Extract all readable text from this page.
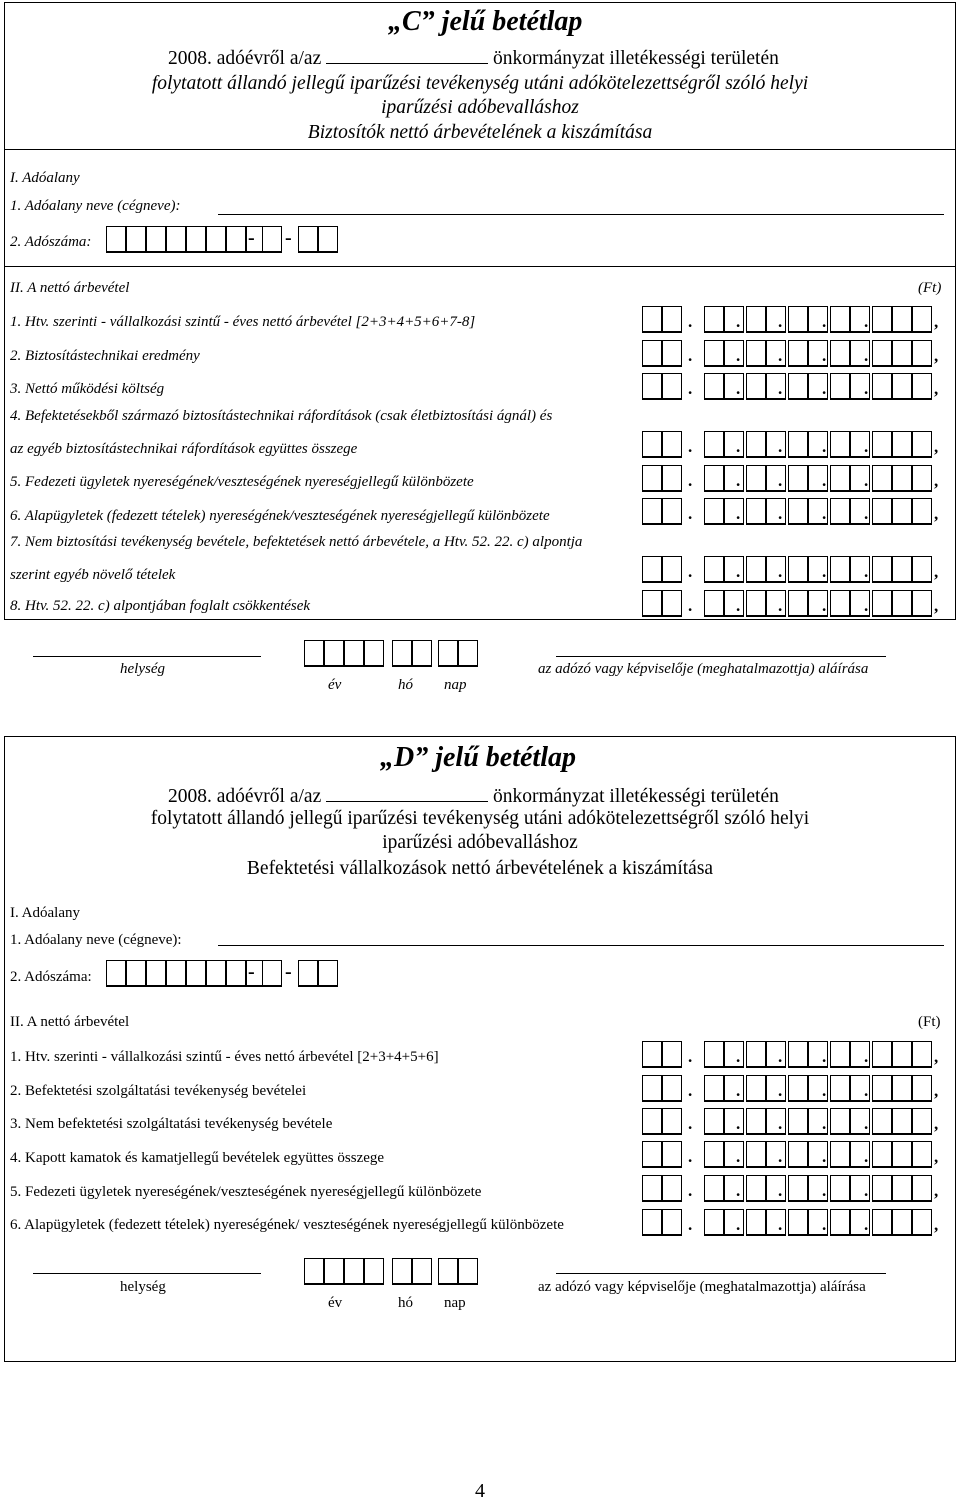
„C” jelű betétlap
2008. adóévről a/az	önkormányzat illetékességi területén
folytatott állandó jellegű iparűzési tevékenység utáni adókötelezettségről szóló helyi
iparűzési adóbevalláshoz
Biztosítók nettó árbevételének a kiszámítása
I. Adóalany
1. Adóalany neve (cégneve):
2. Adószáma:	- -
II. A nettó árbevétel	(Ft)
1. Htv. szerinti - vállalkozási szintű - éves nettó árbevétel [2+3+4+5+6+7-8]	.	. . . .	,
2. Biztosítástechnikai eredmény	.	. . . .	,
3. Nettó működési költség	.	. . . .	,
4. Befektetésekből származó biztosítástechnikai ráfordítások (csak életbiztosítási ágnál) és
az egyéb biztosítástechnikai ráfordítások együttes összege	.	. . . .	,
5. Fedezeti ügyletek nyereségének/veszteségének nyereségjellegű különbözete	.	. . . .	,
6. Alapügyletek (fedezett tételek) nyereségének/veszteségének nyereségjellegű különbözete	.	. . . .	,
7. Nem biztosítási tevékenység bevétele, befektetések nettó árbevétele, a Htv. 52. 22. c) alpontja
szerint egyéb növelő tételek	.	. . . .	,
8. Htv. 52. 22. c) alpontjában foglalt csökkentések	.	. . . .	,
helység
év	hó nap
az adózó vagy képviselője (meghatalmazottja) aláírása
„D” jelű betétlap
2008. adóévről a/az	önkormányzat illetékességi területén
folytatott állandó jellegű iparűzési tevékenység utáni adókötelezettségről szóló helyi
iparűzési adóbevalláshoz
Befektetési vállalkozások nettó árbevételének a kiszámítása
I. Adóalany
1. Adóalany neve (cégneve):
2. Adószáma:	- -
II. A nettó árbevétel	(Ft)
1. Htv. szerinti - vállalkozási szintű - éves nettó árbevétel [2+3+4+5+6]	.	. . . .	,
2. Befektetési szolgáltatási tevékenység bevételei	.	. . . .	,
3. Nem befektetési szolgáltatási tevékenység bevétele	.	. . . .	,
4. Kapott kamatok és kamatjellegű bevételek együttes összege	.	. . . .	,
5. Fedezeti ügyletek nyereségének/veszteségének nyereségjellegű különbözete	.	. . . .	,
6. Alapügyletek (fedezett tételek) nyereségének/ veszteségének nyereségjellegű különbözete	.	. . . .	,
helység
év	hó nap
az adózó vagy képviselője (meghatalmazottja) aláírása
4
